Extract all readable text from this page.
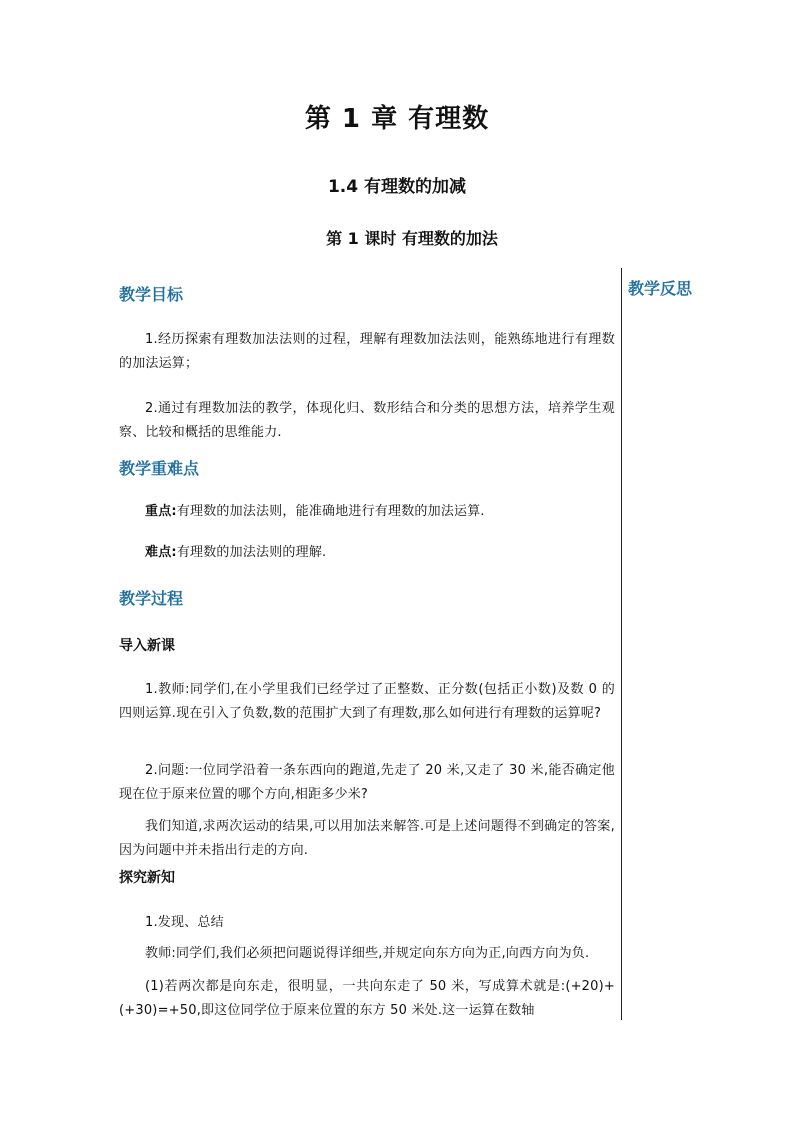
第 1 章 有理数
1.4 有理数的加减
第 1 课时 有理数的加法
教学反思

教学目标

1.经历探索有理数加法法则的过程，理解有理数加法法则，能熟练地进行有理数的加法运算；

2.通过有理数加法的教学，体现化归、数形结合和分类的思想方法，培养学生观察、比较和概括的思维能力.

教学重难点

重点:有理数的加法法则，能准确地进行有理数的加法运算.

难点:有理数的加法法则的理解.

教学过程

导入新课

1.教师:同学们,在小学里我们已经学过了正整数、正分数(包括正小数)及数 0 的四则运算.现在引入了负数,数的范围扩大到了有理数,那么如何进行有理数的运算呢?

2.问题:一位同学沿着一条东西向的跑道,先走了 20 米,又走了 30 米,能否确定他现在位于原来位置的哪个方向,相距多少米?

我们知道,求两次运动的结果,可以用加法来解答.可是上述问题得不到确定的答案,因为问题中并未指出行走的方向.

探究新知

1.发现、总结

教师:同学们,我们必须把问题说得详细些,并规定向东方向为正,向西方向为负.

(1)若两次都是向东走，很明显，一共向东走了 50 米，写成算术就是:(+20)+(+30)=+50,即这位同学位于原来位置的东方 50 米处.这一运算在数轴
